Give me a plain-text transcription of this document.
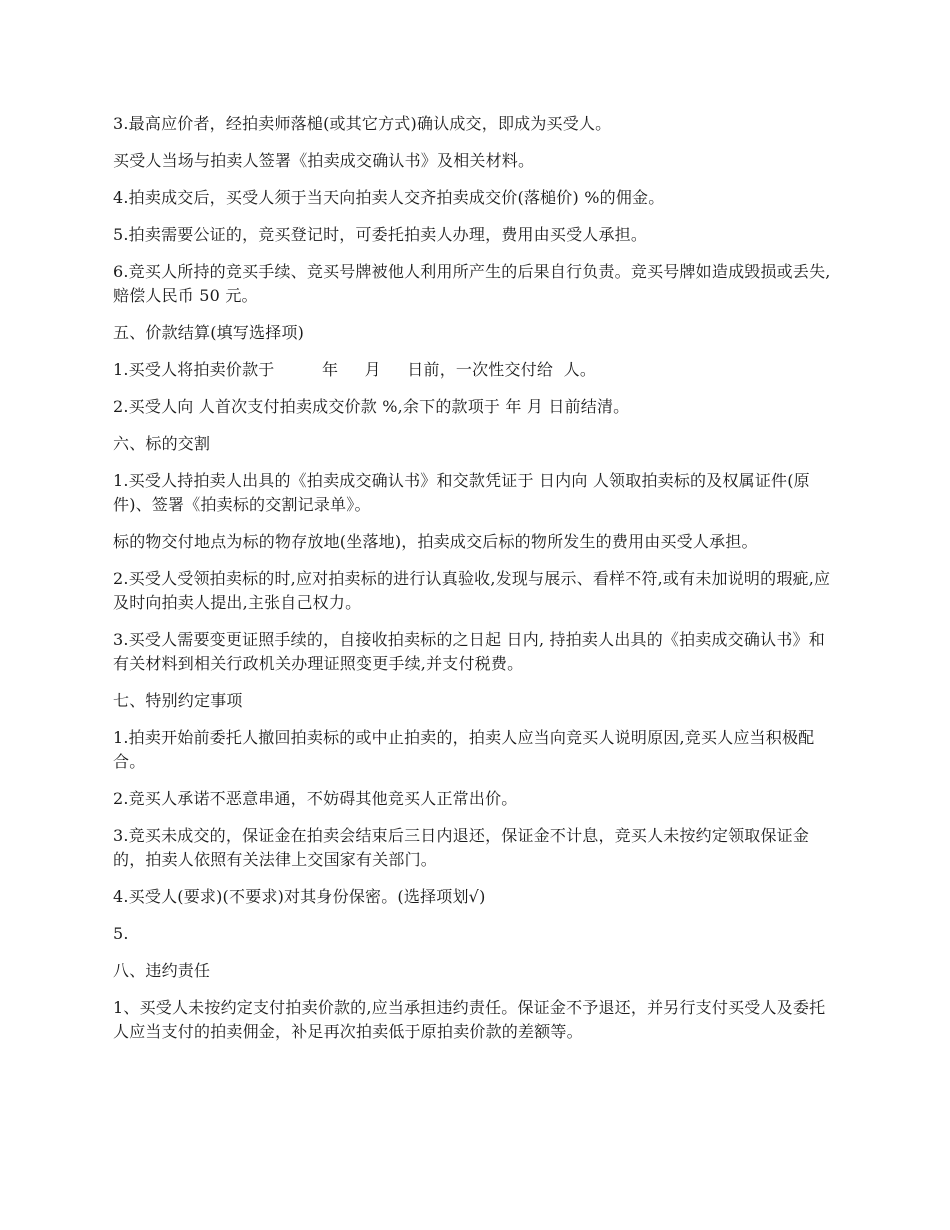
3.最高应价者，经拍卖师落槌(或其它方式)确认成交，即成为买受人。

买受人当场与拍卖人签署《拍卖成交确认书》及相关材料。

4.拍卖成交后，买受人须于当天向拍卖人交齐拍卖成交价(落槌价) %的佣金。

5.拍卖需要公证的，竞买登记时，可委托拍卖人办理，费用由买受人承担。

6.竞买人所持的竞买手续、竞买号牌被他人利用所产生的后果自行负责。竞买号牌如造成毁损或丢失,赔偿人民币 50 元。

五、价款结算(填写选择项)

1.买受人将拍卖价款于         年     月     日前，一次性交付给  人。

2.买受人向 人首次支付拍卖成交价款 %,余下的款项于 年 月 日前结清。

六、标的交割

1.买受人持拍卖人出具的《拍卖成交确认书》和交款凭证于 日内向 人领取拍卖标的及权属证件(原件)、签署《拍卖标的交割记录单》。

标的物交付地点为标的物存放地(坐落地)，拍卖成交后标的物所发生的费用由买受人承担。

2.买受人受领拍卖标的时,应对拍卖标的进行认真验收,发现与展示、看样不符,或有未加说明的瑕疵,应及时向拍卖人提出,主张自己权力。

3.买受人需要变更证照手续的，自接收拍卖标的之日起 日内, 持拍卖人出具的《拍卖成交确认书》和有关材料到相关行政机关办理证照变更手续,并支付税费。

七、特别约定事项

1.拍卖开始前委托人撤回拍卖标的或中止拍卖的，拍卖人应当向竞买人说明原因,竞买人应当积极配合。

2.竞买人承诺不恶意串通，不妨碍其他竞买人正常出价。

3.竞买未成交的，保证金在拍卖会结束后三日内退还，保证金不计息，竞买人未按约定领取保证金的，拍卖人依照有关法律上交国家有关部门。

4.买受人(要求)(不要求)对其身份保密。(选择项划√)

5.

八、违约责任

1、买受人未按约定支付拍卖价款的,应当承担违约责任。保证金不予退还，并另行支付买受人及委托人应当支付的拍卖佣金，补足再次拍卖低于原拍卖价款的差额等。
